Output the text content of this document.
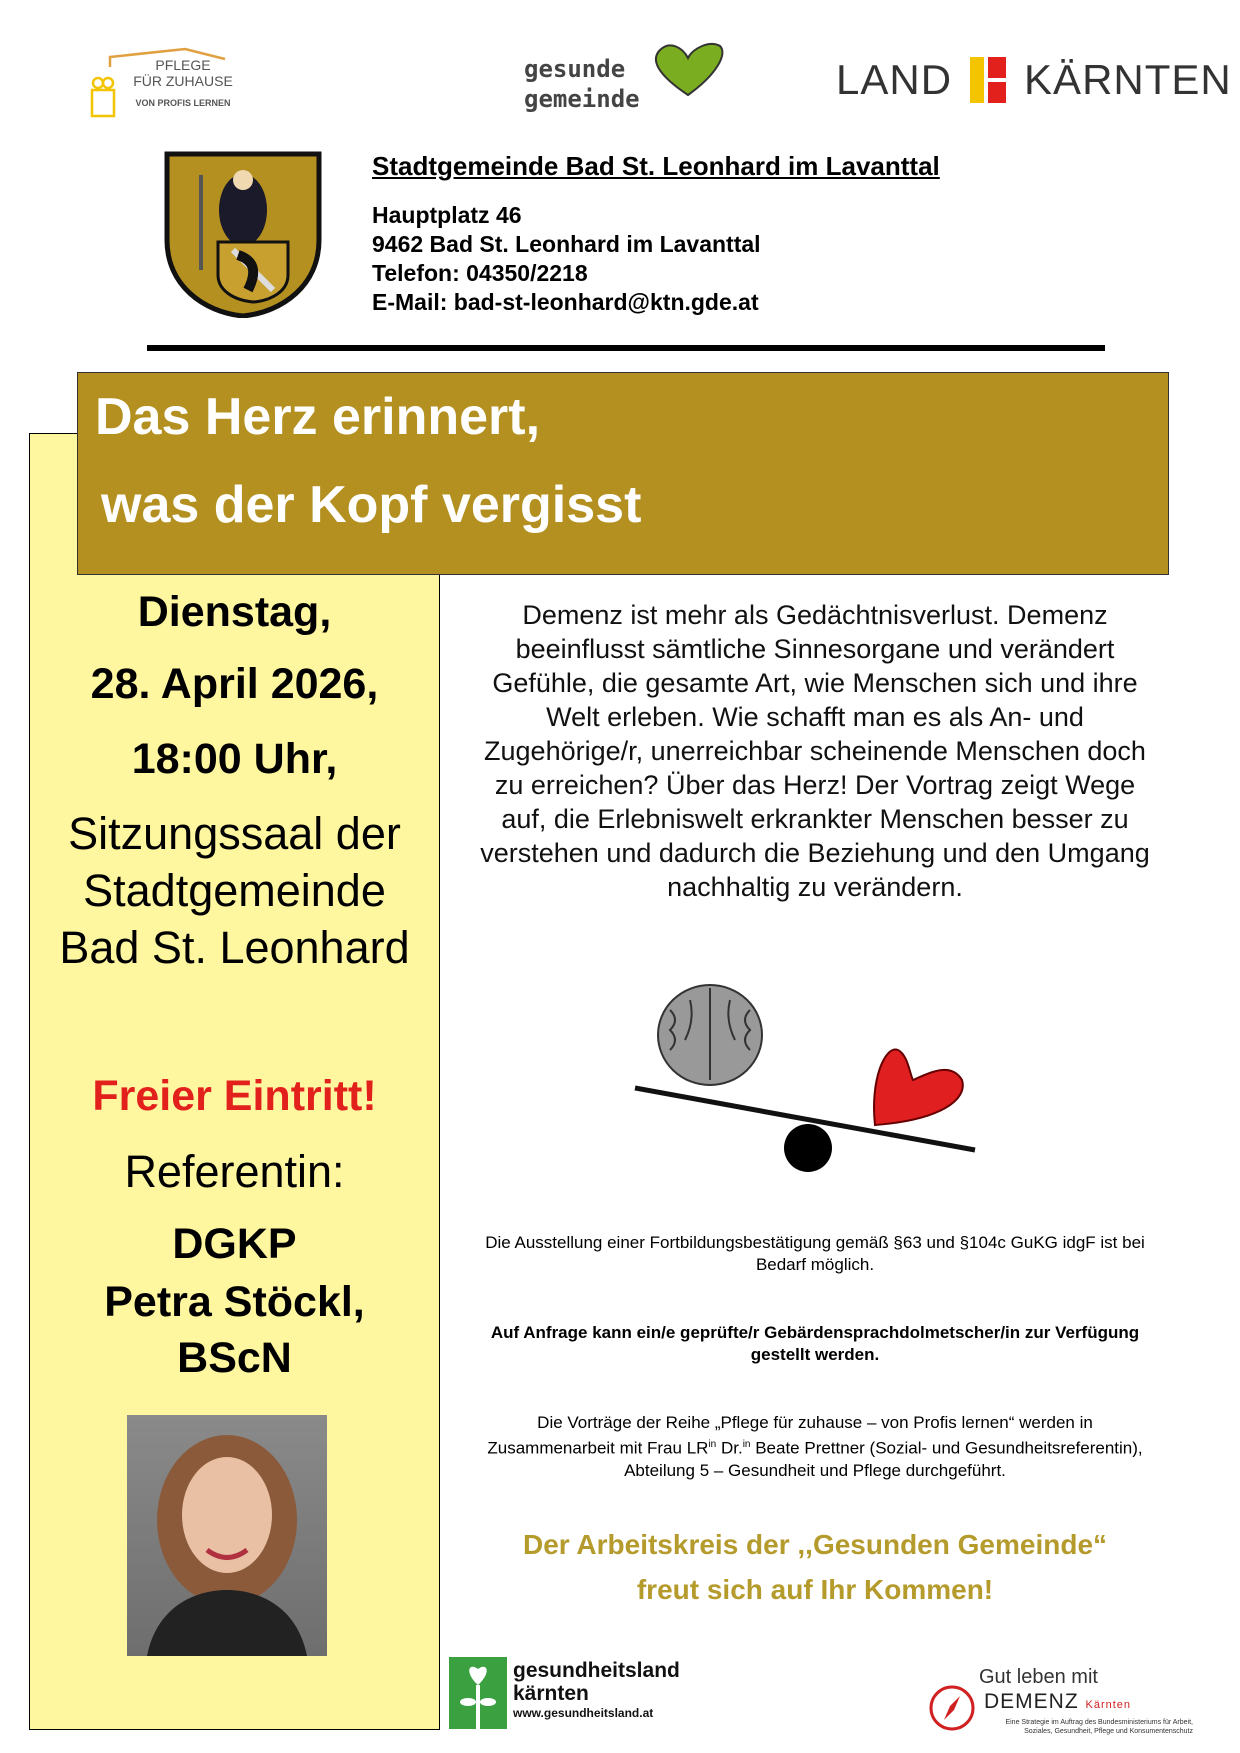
PFLEGE
FÜR ZUHAUSE
VON PROFIS LERNEN
gesunde
gemeinde	LAND KÄRNTEN
Stadtgemeinde Bad St. Leonhard im Lavanttal
Hauptplatz 46
9462 Bad St. Leonhard im Lavanttal
Telefon: 04350/2218
E-Mail: bad-st-leonhard@ktn.gde.at
Das Herz erinnert,
was der Kopf vergisst
Dienstag,
28. April 2026,
18:00 Uhr,
Sitzungssaal der
Stadtgemeinde
Bad St. Leonhard
Freier Eintritt!
Referentin:
DGKP
Petra Stöckl,
BScN
Demenz ist mehr als Gedächtnisverlust. Demenz beeinflusst sämtliche Sinnesorgane und verändert Gefühle, die gesamte Art, wie Menschen sich und ihre Welt erleben. Wie schafft man es als An- und Zugehörige/r, unerreichbar scheinende Menschen doch zu erreichen? Über das Herz! Der Vortrag zeigt Wege auf, die Erlebniswelt erkrankter Menschen besser zu verstehen und dadurch die Beziehung und den Umgang nachhaltig zu verändern.
Die Ausstellung einer Fortbildungsbestätigung gemäß §63 und §104c GuKG idgF ist bei Bedarf möglich.
Auf Anfrage kann ein/e geprüfte/r Gebärdensprachdolmetscher/in zur Verfügung gestellt werden.
Die Vorträge der Reihe „Pflege für zuhause – von Profis lernen“ werden in Zusammenarbeit mit Frau $LR^{in}$ Dr.$^{in}$ Beate Prettner (Sozial- und Gesundheitsreferentin), Abteilung 5 – Gesundheit und Pflege durchgeführt.
Der Arbeitskreis der ,,Gesunden Gemeinde“
freut sich auf Ihr Kommen!
gesundheitsland
kärnten
www.gesundheitsland.at
Gut leben mit
DEMENZ Kärnten
Eine Strategie im Auftrag des Bundesministeriums für Arbeit, Soziales, Gesundheit, Pflege und Konsumentenschutz
